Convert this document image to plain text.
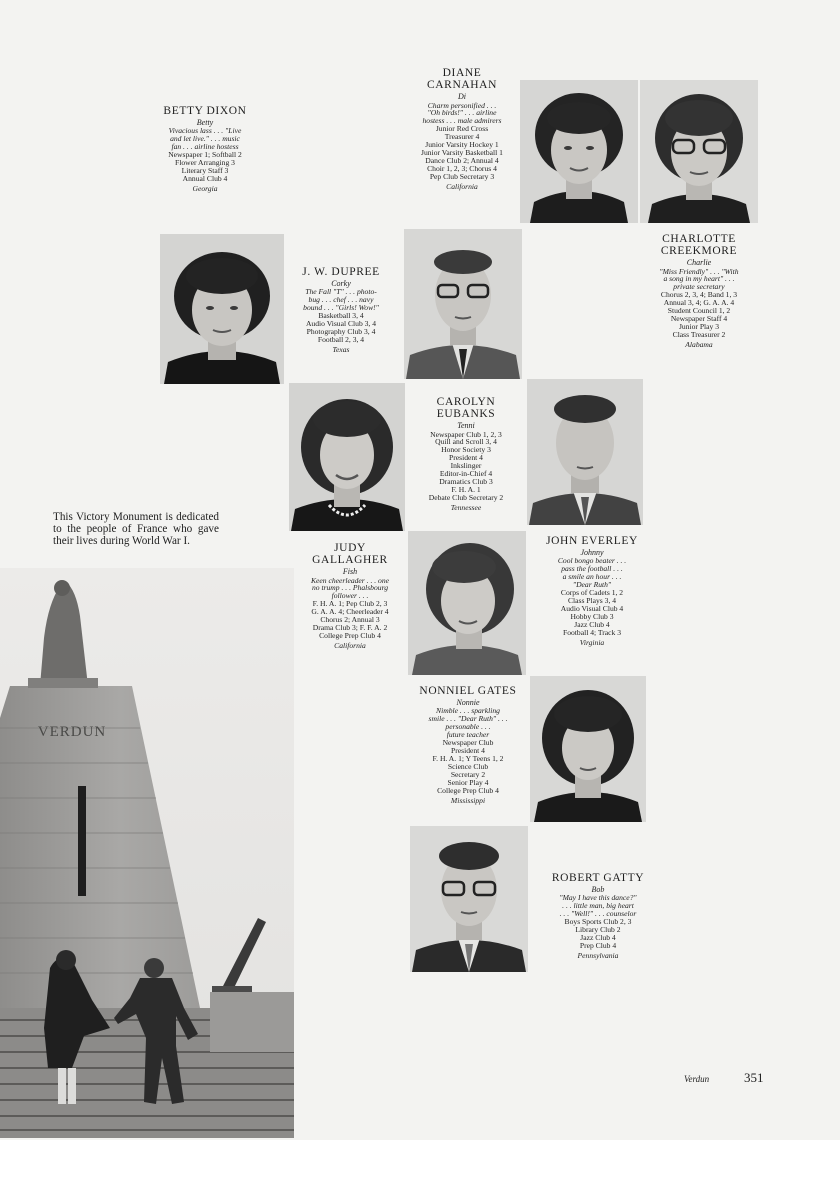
BETTY DIXON
Betty
Vivacious lass . . . "Live
and let live." . . . music
fan . . . airline hostess
Newspaper 1; Softball 2
Flower Arranging 3
Literary Staff 3
Annual Club 4
Georgia
DIANE
CARNAHAN
Di
Charm personified . . .
"Oh birds!" . . . airline
hostess . . . male admirers
Junior Red Cross
Treasurer 4
Junior Varsity Hockey 1
Junior Varsity Basketball 1
Dance Club 2; Annual 4
Choir 1, 2, 3; Chorus 4
Pep Club Secretary 3
California
CHARLOTTE
CREEKMORE
Charlie
"Miss Friendly" . . . "With
a song in my heart" . . .
private secretary
Chorus 2, 3, 4; Band 1, 3
Annual 3, 4; G. A. A. 4
Student Council 1, 2
Newspaper Staff 4
Junior Play 3
Class Treasurer 2
Alabama
J. W. DUPREE
Corky
The Fall "T" . . . photo-
bug . . . chef . . . navy
bound . . . "Girls! Wow!"
Basketball 3, 4
Audio Visual Club 3, 4
Photography Club 3, 4
Football 2, 3, 4
Texas
CAROLYN
EUBANKS
Tenni
Newspaper Club 1, 2, 3
Quill and Scroll 3, 4
Honor Society 3
President 4
Inkslinger
Editor-in-Chief 4
Dramatics Club 3
F. H. A. 1
Debate Club Secretary 2
Tennessee
JUDY
GALLAGHER
Fish
Keen cheerleader . . . one
no trump . . . Phalsbourg
follower . . .
F. H. A. 1; Pep Club 2, 3
G. A. A. 4; Cheerleader 4
Chorus 2; Annual 3
Drama Club 3; F. F. A. 2
College Prep Club 4
California
JOHN EVERLEY
Johnny
Cool bongo beater . . .
pass the football . . .
a smile an hour . . .
"Dear Ruth"
Corps of Cadets 1, 2
Class Plays 3, 4
Audio Visual Club 4
Hobby Club 3
Jazz Club 4
Football 4; Track 3
Virginia
NONNIEL GATES
Nonnie
Nimble . . . sparkling
smile . . . "Dear Ruth" . . .
personable . . .
future teacher
Newspaper Club
President 4
F. H. A. 1; Y Teens 1, 2
Science Club
Secretary 2
Senior Play 4
College Prep Club 4
Mississippi
ROBERT GATTY
Bob
"May I have this dance?"
. . . little man, big heart
. . . "Well!" . . . counselor
Boys Sports Club 2, 3
Library Club 2
Jazz Club 4
Prep Club 4
Pennsylvania
This Victory Monument is dedicated to the people of France who gave their lives during World War I.
VERDUN
Verdun	351
